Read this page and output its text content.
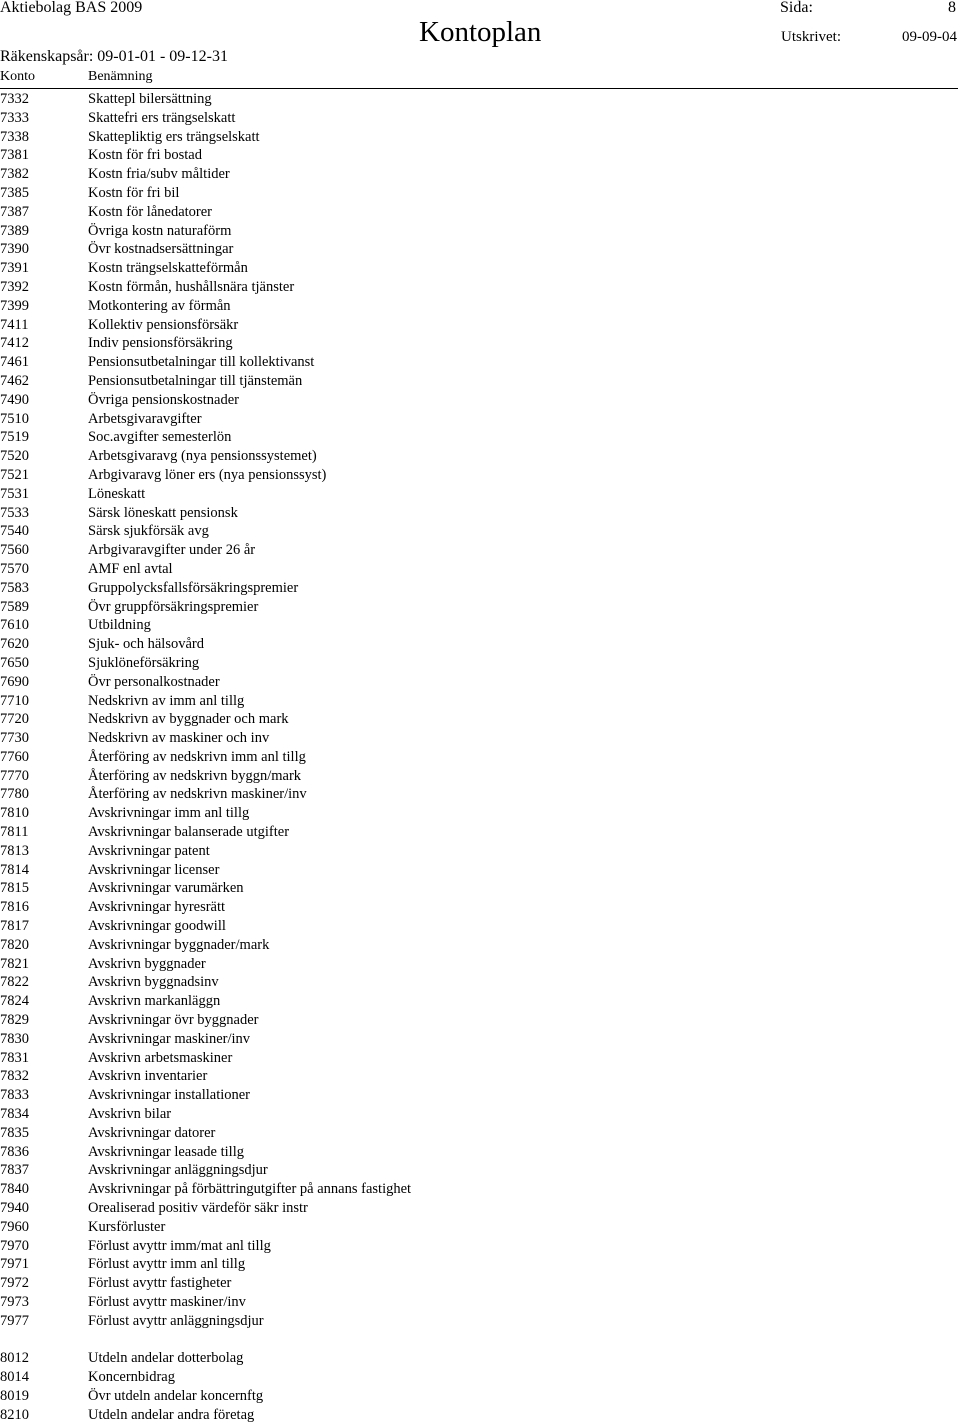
Aktiebolag BAS 2009	Sida:	8
Kontoplan	Utskrivet:	09-09-04
Räkenskapsår: 09-01-01 - 09-12-31
Konto	Benämning
7332	Skattepl bilersättning
7333	Skattefri ers trängselskatt
7338	Skattepliktig ers trängselskatt
7381	Kostn för fri bostad
7382	Kostn fria/subv måltider
7385	Kostn för fri bil
7387	Kostn för lånedatorer
7389	Övriga kostn naturaförm
7390	Övr kostnadsersättningar
7391	Kostn trängselskatteförmån
7392	Kostn förmån, hushållsnära tjänster
7399	Motkontering av förmån
7411	Kollektiv pensionsförsäkr
7412	Indiv pensionsförsäkring
7461	Pensionsutbetalningar till kollektivanst
7462	Pensionsutbetalningar till tjänstemän
7490	Övriga pensionskostnader
7510	Arbetsgivaravgifter
7519	Soc.avgifter semesterlön
7520	Arbetsgivaravg (nya pensionssystemet)
7521	Arbgivaravg löner ers (nya pensionssyst)
7531	Löneskatt
7533	Särsk löneskatt pensionsk
7540	Särsk sjukförsäk avg
7560	Arbgivaravgifter under 26 år
7570	AMF enl avtal
7583	Gruppolycksfallsförsäkringspremier
7589	Övr gruppförsäkringspremier
7610	Utbildning
7620	Sjuk- och hälsovård
7650	Sjuklöneförsäkring
7690	Övr personalkostnader
7710	Nedskrivn av imm anl tillg
7720	Nedskrivn av byggnader och mark
7730	Nedskrivn av maskiner och inv
7760	Återföring av nedskrivn imm anl tillg
7770	Återföring av nedskrivn byggn/mark
7780	Återföring av nedskrivn maskiner/inv
7810	Avskrivningar imm anl tillg
7811	Avskrivningar balanserade utgifter
7813	Avskrivningar patent
7814	Avskrivningar licenser
7815	Avskrivningar varumärken
7816	Avskrivningar hyresrätt
7817	Avskrivningar goodwill
7820	Avskrivningar byggnader/mark
7821	Avskrivn byggnader
7822	Avskrivn byggnadsinv
7824	Avskrivn markanläggn
7829	Avskrivningar övr byggnader
7830	Avskrivningar maskiner/inv
7831	Avskrivn arbetsmaskiner
7832	Avskrivn inventarier
7833	Avskrivningar installationer
7834	Avskrivn bilar
7835	Avskrivningar datorer
7836	Avskrivningar leasade tillg
7837	Avskrivningar anläggningsdjur
7840	Avskrivningar på förbättringutgifter på annans fastighet
7940	Orealiserad positiv värdeför säkr instr
7960	Kursförluster
7970	Förlust avyttr imm/mat anl tillg
7971	Förlust avyttr imm anl tillg
7972	Förlust avyttr fastigheter
7973	Förlust avyttr maskiner/inv
7977	Förlust avyttr anläggningsdjur
8012	Utdeln andelar dotterbolag
8014	Koncernbidrag
8019	Övr utdeln andelar koncernftg
8210	Utdeln andelar andra företag
